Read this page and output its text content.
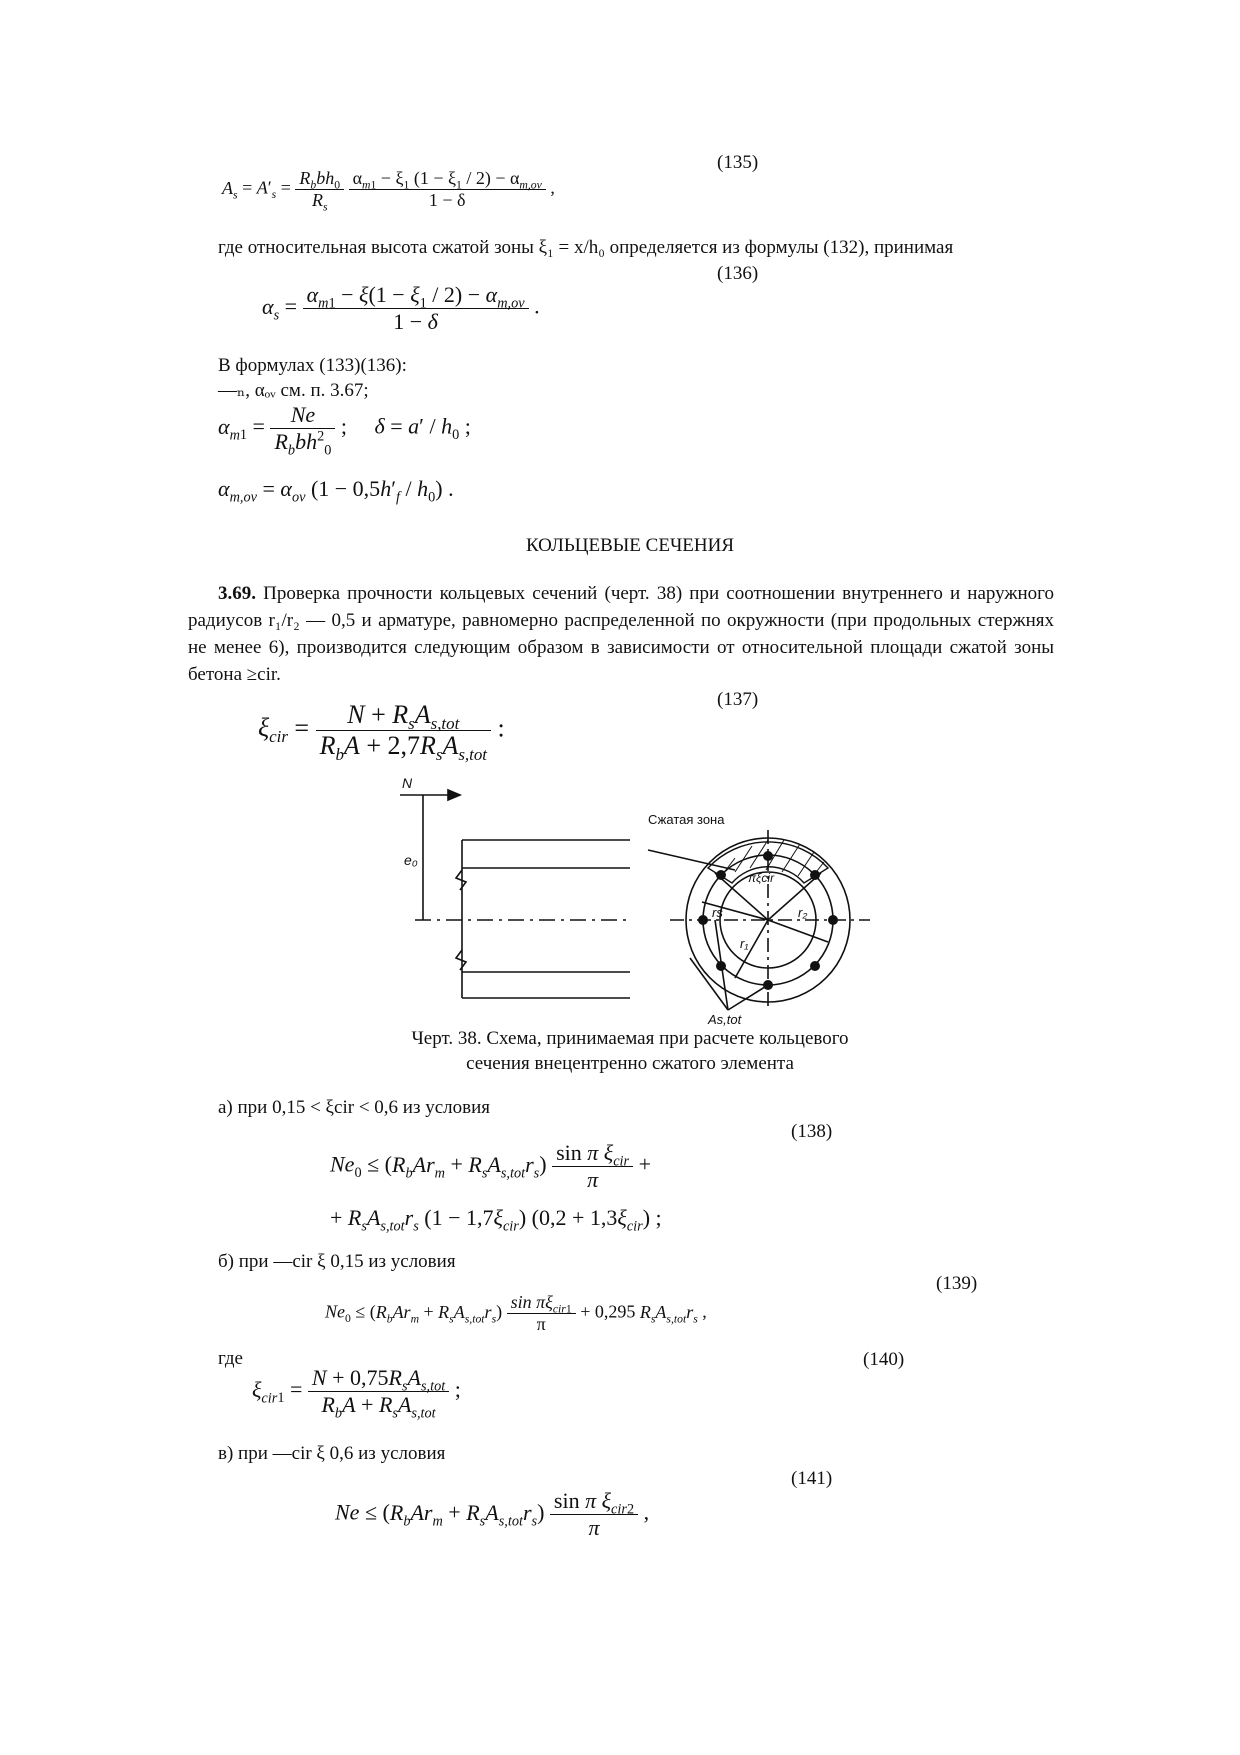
(135)
$A_s = A'_s = \frac{R_bbh_0}{R_s}$
$\frac{\alpha_{m1} - \xi_1 (1 - \xi_1 / 2) - \alpha_{m,ov}}{1 - \delta}$ ,
где относительная высота сжатой зоны ξ₁ = x/h₀ определяется из формулы (132), принимая
(136)
$\alpha_s = \frac{\alpha_{m1} - \xi(1 - \xi_1 / 2) - \alpha_{m,ov}}{1 - \delta}$ .
В формулах (133)(136):
—ₙ, αₒᵥ см. п. 3.67;
$\alpha_{m1} = \frac{Ne}{R_bbh^2_0}$ ;     $\delta = a' / h_0$ ;
$\alpha_{m,ov} = \alpha_{ov}$ $(1 - 0,5h'_f / h_0)$ .
КОЛЬЦЕВЫЕ СЕЧЕНИЯ
3.69. Проверка прочности кольцевых сечений (черт. 38) при соотношении внутреннего и наружного радиусов r₁/r₂ — 0,5 и арматуре, равномерно распределенной по окружности (при продольных стержнях не менее 6), производится следующим образом в зависимости от относительной площади сжатой зоны бетона ≥cir.
(137)
$\xi_{cir} = \frac{N + R_sA_{s,tot}}{R_bA + 2,7R_sA_{s,tot}}$ :
N
e₀
πξcir
rs	r₂
r₁
As,tot
Сжатая зона
Черт. 38. Схема, принимаемая при расчете кольцевого
сечения внецентренно сжатого элемента
а) при 0,15 < ξcir < 0,6 из условия
(138)
$Ne_0 \le (R_bAr_m + R_sA_{s,tot}r_s) \frac{\sin \pi \xi_{cir}}{\pi}$ +
+ $R_sA_{s,tot}r_s$ $(1 - 1,7\xi_{cir})$ $(0,2 + 1,3\xi_{cir})$ ;
б) при —cir ξ 0,15 из условия
(139)
$Ne_0 \le (R_bAr_m + R_sA_{s,tot}r_s) \frac{\sin \pi\xi_{cir1}}{\pi} + 0,295$ $R_sA_{s,tot}r_s$ ,
где	(140)
$\xi_{cir1} = \frac{N + 0,75R_sA_{s,tot}}{R_bA + R_sA_{s,tot}}$ ;
в) при —cir ξ 0,6 из условия
(141)
$Ne \le (R_bAr_m + R_sA_{s,tot}r_s) \frac{\sin \pi \xi_{cir2}}{\pi}$ ,
